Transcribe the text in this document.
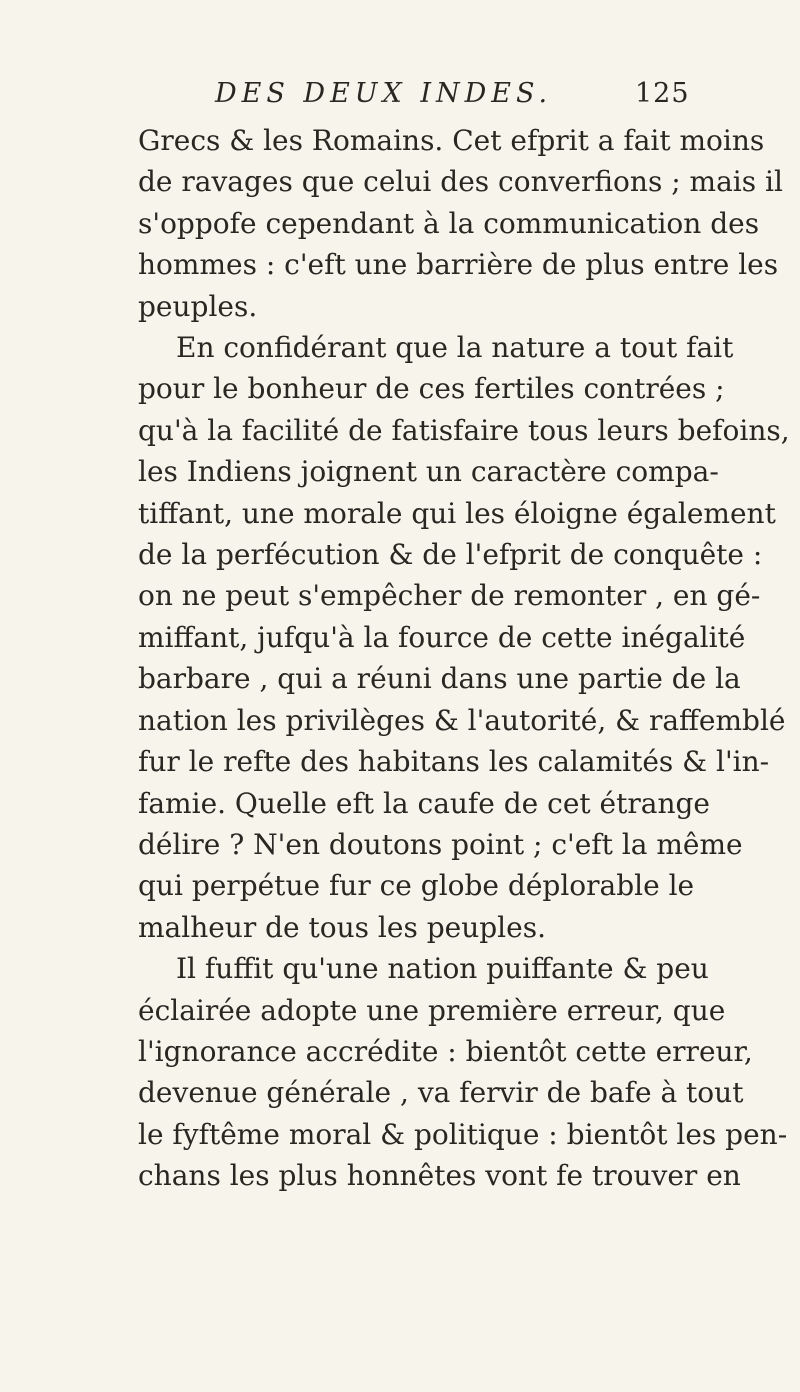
DES DEUX INDES.	125
Grecs & les Romains. Cet efprit a fait moins
de ravages que celui des converfions ; mais il
s'oppofe cependant à la communication des
hommes : c'eft une barrière de plus entre les
peuples.
En confidérant que la nature a tout fait
pour le bonheur de ces fertiles contrées ;
qu'à la facilité de fatisfaire tous leurs befoins,
les Indiens joignent un caractère compa-
tiffant, une morale qui les éloigne également
de la perfécution & de l'efprit de conquête :
on ne peut s'empêcher de remonter , en gé-
miffant, jufqu'à la fource de cette inégalité
barbare , qui a réuni dans une partie de la
nation les privilèges & l'autorité, & raffemblé
fur le refte des habitans les calamités & l'in-
famie. Quelle eft la caufe de cet étrange
délire ? N'en doutons point ; c'eft la même
qui perpétue fur ce globe déplorable le
malheur de tous les peuples.
Il fuffit qu'une nation puiffante & peu
éclairée adopte une première erreur, que
l'ignorance accrédite : bientôt cette erreur,
devenue générale , va fervir de bafe à tout
le fyftême moral & politique : bientôt les pen-
chans les plus honnêtes vont fe trouver en
